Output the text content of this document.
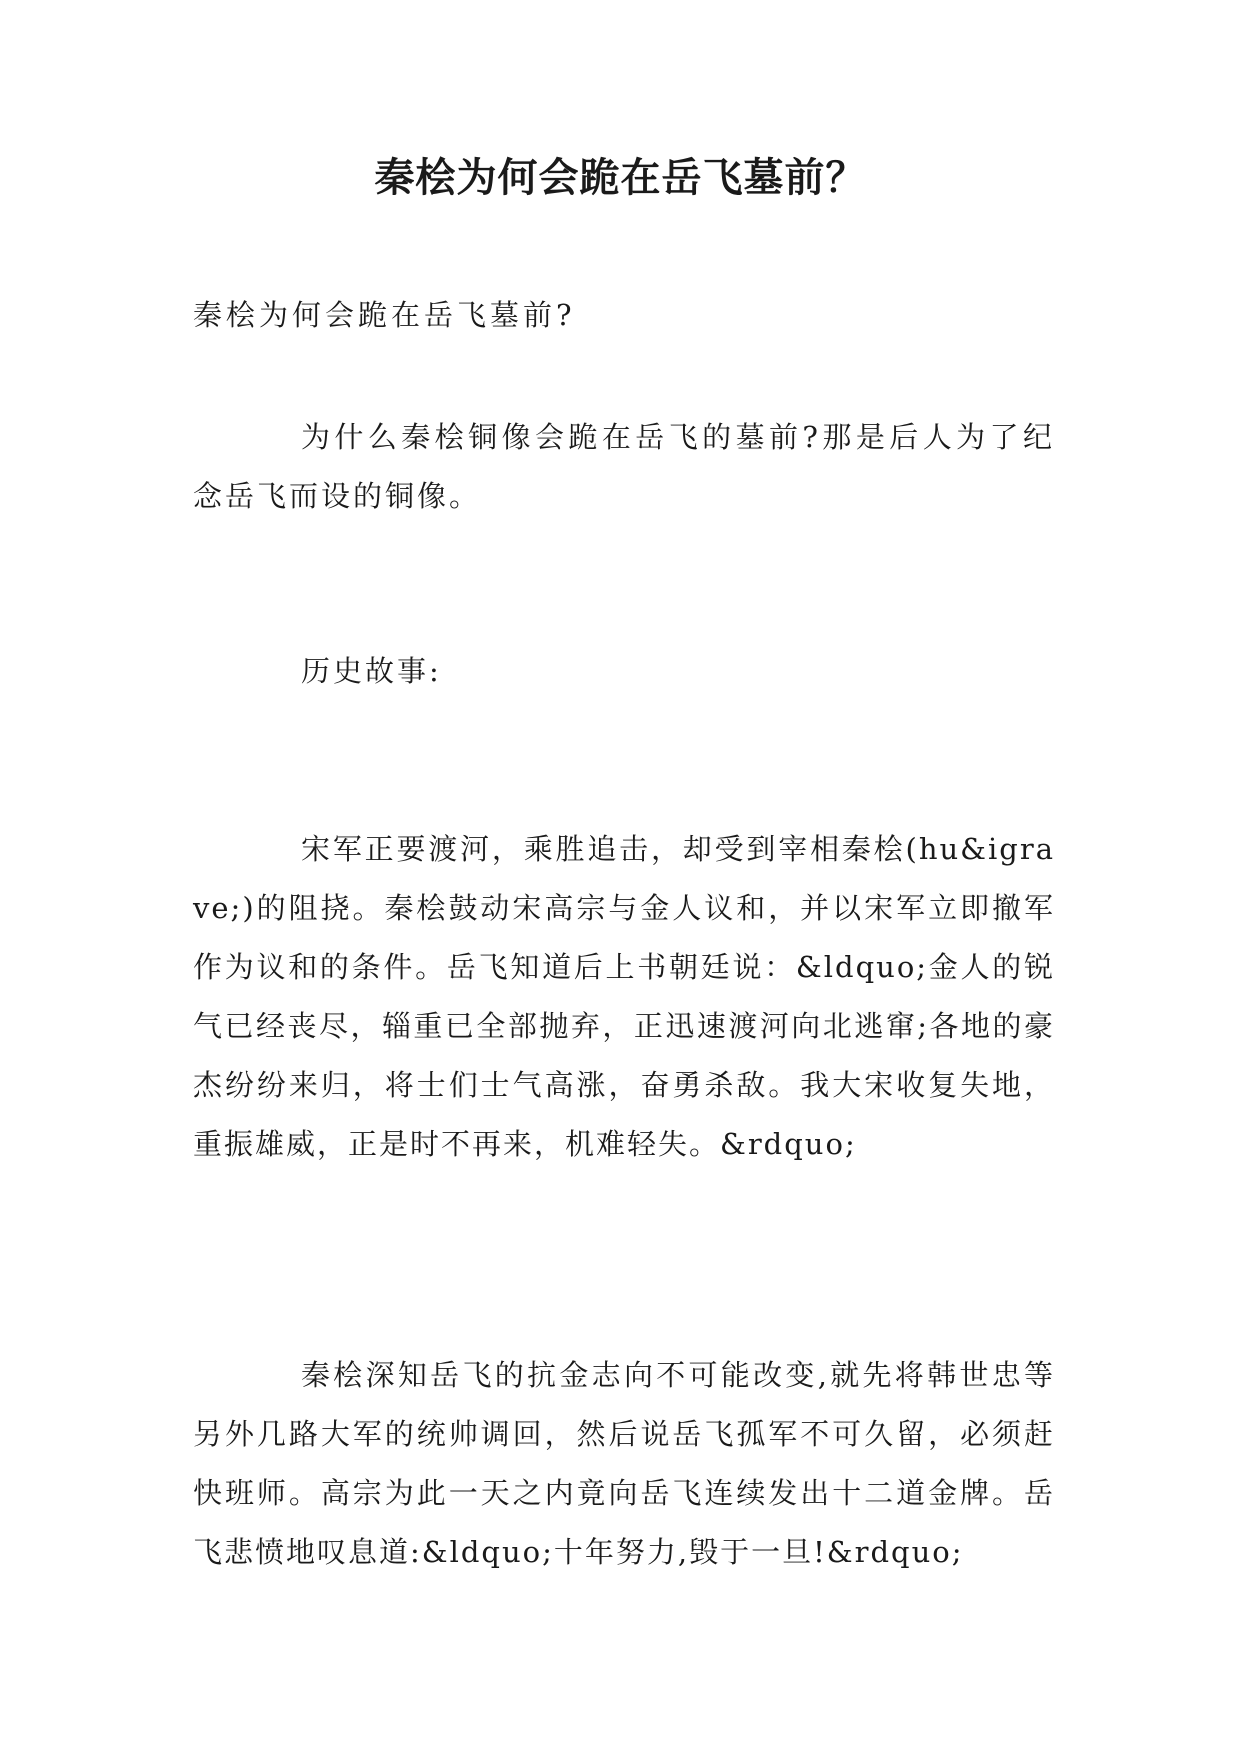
秦桧为何会跪在岳飞墓前？

秦桧为何会跪在岳飞墓前?

为什么秦桧铜像会跪在岳飞的墓前?那是后人为了纪念岳飞而设的铜像。

历史故事:

宋军正要渡河，乘胜追击，却受到宰相秦桧(hu&igrave;)的阻挠。秦桧鼓动宋高宗与金人议和，并以宋军立即撤军作为议和的条件。岳飞知道后上书朝廷说：&ldquo;金人的锐气已经丧尽，辎重已全部抛弃，正迅速渡河向北逃窜;各地的豪杰纷纷来归，将士们士气高涨，奋勇杀敌。我大宋收复失地，重振雄威，正是时不再来，机难轻失。&rdquo;

秦桧深知岳飞的抗金志向不可能改变,就先将韩世忠等另外几路大军的统帅调回，然后说岳飞孤军不可久留，必须赶快班师。高宗为此一天之内竟向岳飞连续发出十二道金牌。岳飞悲愤地叹息道:&ldquo;十年努力,毁于一旦!&rdquo;
